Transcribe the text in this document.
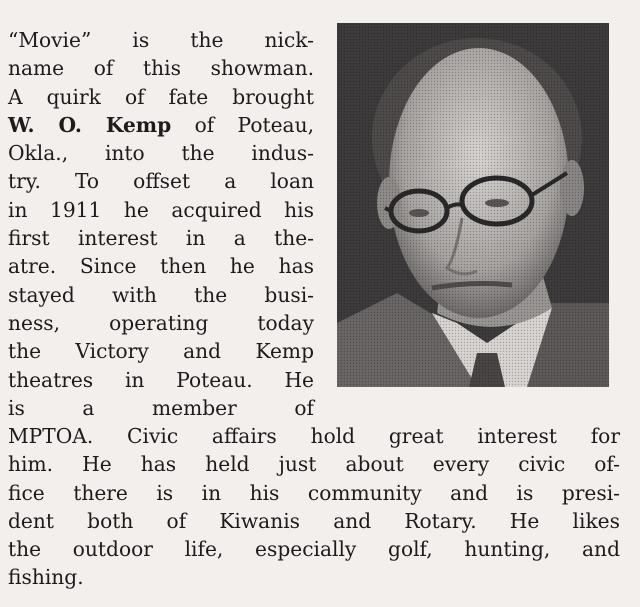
“Movie” is the nick-
name of this showman.
A quirk of fate brought
W. O. Kemp of Poteau,
Okla., into the indus-
try. To offset a loan
in 1911 he acquired his
first interest in a the-
atre. Since then he has
stayed with the busi-
ness, operating today
the Victory and Kemp
theatres in Poteau. He
is a member of
MPTOA. Civic affairs hold great interest for
him. He has held just about every civic of-
fice there is in his community and is presi-
dent both of Kiwanis and Rotary. He likes
the outdoor life, especially golf, hunting, and
fishing.
